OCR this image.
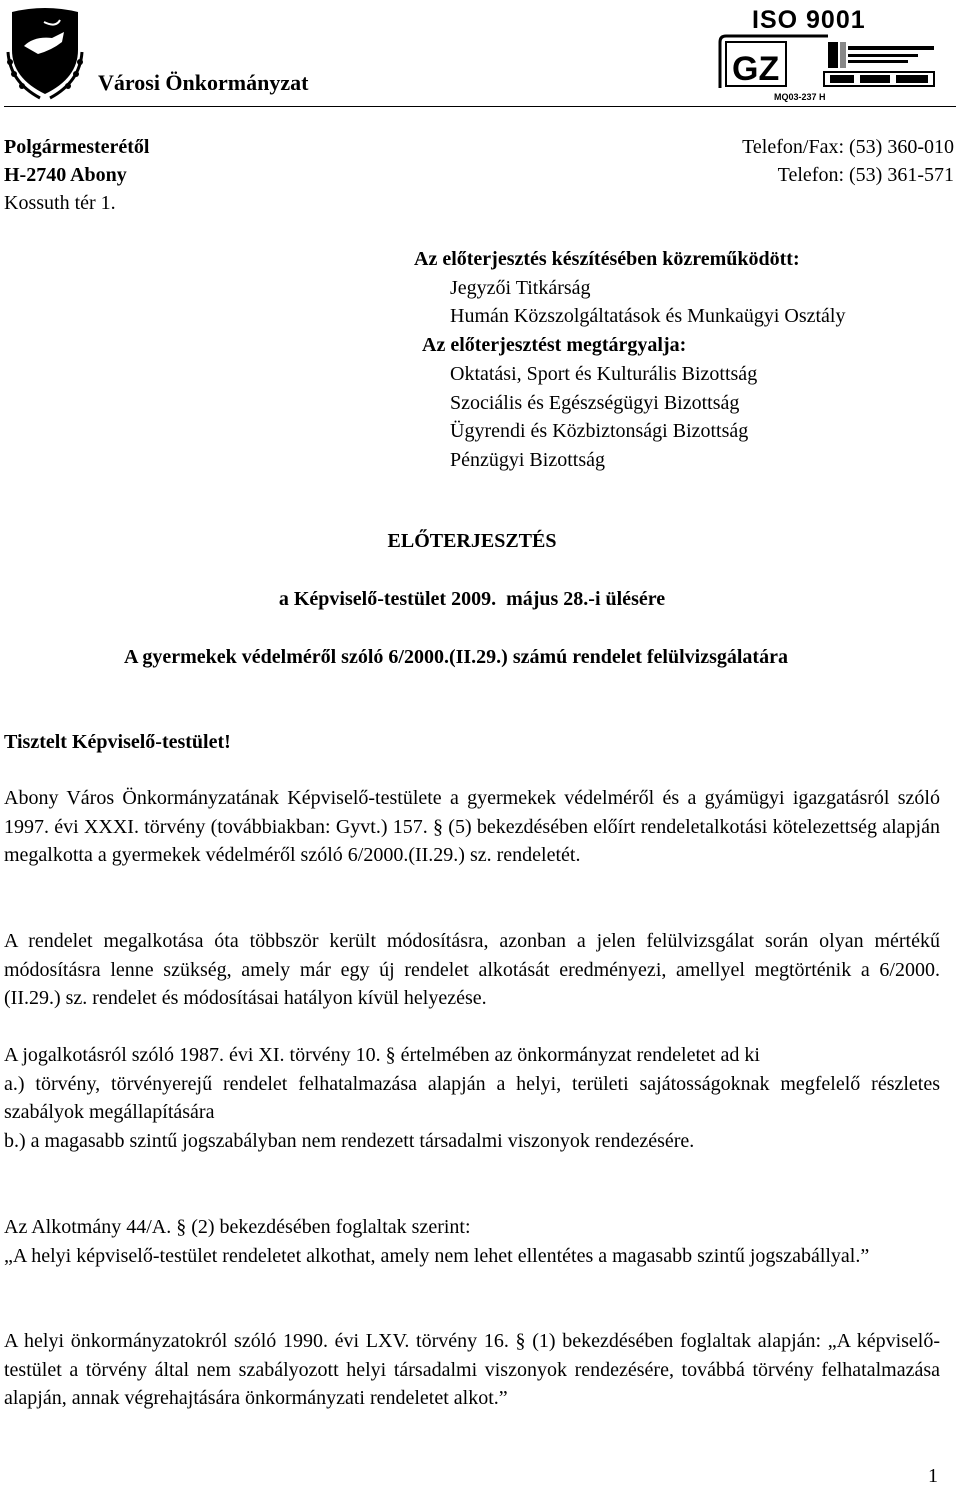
Városi Önkormányzat
ISO 9001
GZ
MQ03-237 H
Polgármesterétől
H-2740 Abony
Kossuth tér 1.
Telefon/Fax: (53) 360-010
Telefon: (53) 361-571
Az előterjesztés készítésében közreműködött:
Jegyzői Titkárság
Humán Közszolgáltatások és Munkaügyi Osztály
Az előterjesztést megtárgyalja:
Oktatási, Sport és Kulturális Bizottság
Szociális és Egészségügyi Bizottság
Ügyrendi és Közbiztonsági Bizottság
Pénzügyi Bizottság
ELŐTERJESZTÉS
a Képviselő-testület 2009.  május 28.-i ülésére
A gyermekek védelméről szóló 6/2000.(II.29.) számú rendelet felülvizsgálatára
Tisztelt Képviselő-testület!

Abony Város Önkormányzatának Képviselő-testülete a gyermekek védelméről és a gyámügyi igazgatásról szóló 1997. évi XXXI. törvény (továbbiakban: Gyvt.) 157. § (5) bekezdésében előírt rendeletalkotási kötelezettség alapján megalkotta a gyermekek védelméről szóló 6/2000.(II.29.) sz. rendeletét.

A rendelet megalkotása óta többször került módosításra, azonban a jelen felülvizsgálat során olyan mértékű módosításra lenne szükség, amely már egy új rendelet alkotását eredményezi, amellyel megtörténik a 6/2000. (II.29.) sz. rendelet és módosításai hatályon kívül helyezése.

A jogalkotásról szóló 1987. évi XI. törvény 10. § értelmében az önkormányzat rendeletet ad ki

a.) törvény, törvényerejű rendelet felhatalmazása alapján a helyi, területi sajátosságoknak megfelelő részletes szabályok megállapítására

b.) a magasabb szintű jogszabályban nem rendezett társadalmi viszonyok rendezésére.

Az Alkotmány 44/A. § (2) bekezdésében foglaltak szerint:

„A helyi képviselő-testület rendeletet alkothat, amely nem lehet ellentétes a magasabb szintű jogszabállyal.”

A helyi önkormányzatokról szóló 1990. évi LXV. törvény 16. § (1) bekezdésében foglaltak alapján: „A képviselő-testület a törvény által nem szabályozott helyi társadalmi viszonyok rendezésére, továbbá törvény felhatalmazása alapján, annak végrehajtására önkormányzati rendeletet alkot.”

1
